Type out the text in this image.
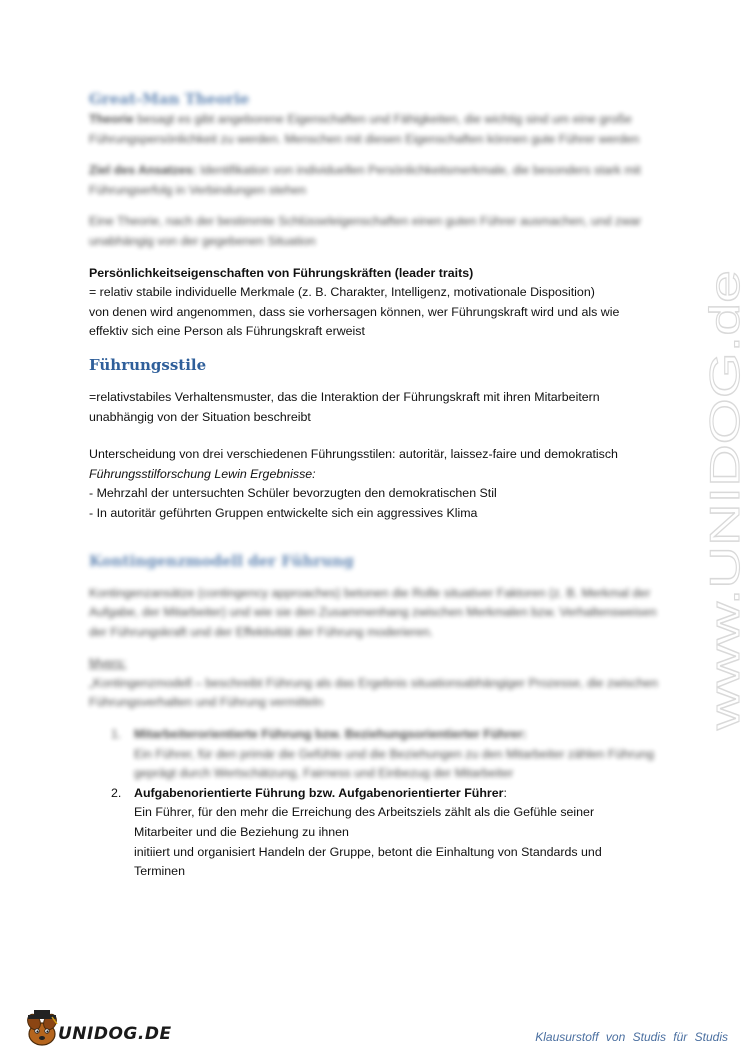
Great-Man Theorie

Theorie besagt es gibt angeborene Eigenschaften und Fähigkeiten, die wichtig sind um eine große Führungspersönlichkeit zu werden. Menschen mit diesen Eigenschaften können gute Führer werden

Ziel des Ansatzes: Identifikation von individuellen Persönlichkeitsmerkmale, die besonders stark mit Führungserfolg in Verbindungen stehen

Eine Theorie, nach der bestimmte Schlüsseleigenschaften einen guten Führer ausmachen, und zwar unabhängig von der gegebenen Situation

Persönlichkeitseigenschaften von Führungskräften (leader traits)

= relativ stabile individuelle Merkmale (z. B. Charakter, Intelligenz, motivationale Disposition)

von denen wird angenommen, dass sie vorhersagen können, wer Führungskraft wird und als wie

effektiv sich eine Person als Führungskraft erweist

Führungsstile

=relativstabiles Verhaltensmuster, das die Interaktion der Führungskraft mit ihren Mitarbeitern

unabhängig von der Situation beschreibt

Unterscheidung von drei verschiedenen Führungsstilen: autoritär, laissez-faire und demokratisch

Führungsstilforschung Lewin Ergebnisse:

- Mehrzahl der untersuchten Schüler bevorzugten den demokratischen Stil

- In autoritär geführten Gruppen entwickelte sich ein aggressives Klima

Kontingenzmodell der Führung

Kontingenzansätze (contingency approaches) betonen die Rolle situativer Faktoren (z. B. Merkmal der Aufgabe, der Mitarbeiter) und wie sie den Zusammenhang zwischen Merkmalen bzw. Verhaltensweisen der Führungskraft und der Effektivität der Führung moderieren.

Myers:

„Kontingenzmodell – beschreibt Führung als das Ergebnis situationsabhängiger Prozesse, die zwischen Führungsverhalten und Führung vermitteln

1. Mitarbeiterorientierte Führung bzw. Beziehungsorientierter Führer:

Ein Führer, für den primär die Gefühle und die Beziehungen zu den Mitarbeiter zählen Führung geprägt durch Wertschätzung, Fairness und Einbezug der Mitarbeiter

2. Aufgabenorientierte Führung bzw. Aufgabenorientierter Führer:

Ein Führer, für den mehr die Erreichung des Arbeitsziels zählt als die Gefühle seiner

Mitarbeiter und die Beziehung zu ihnen

initiiert und organisiert Handeln der Gruppe, betont die Einhaltung von Standards und

Terminen

www.UNIDOG.de
UNIDOG.DE	Klausurstoff von Studis für Studis
